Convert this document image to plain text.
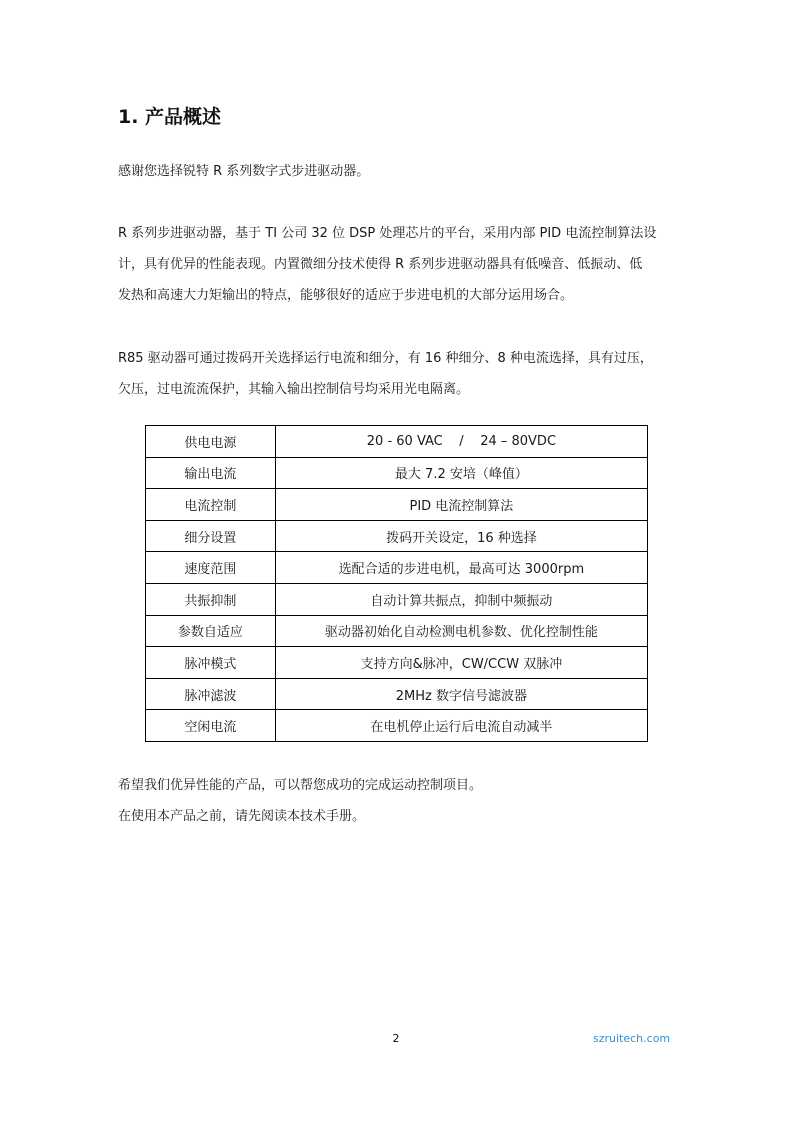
1. 产品概述
感谢您选择锐特 R 系列数字式步进驱动器。
R 系列步进驱动器，基于 TI 公司 32 位 DSP 处理芯片的平台，采用内部 PID 电流控制算法设
计，具有优异的性能表现。内置微细分技术使得 R 系列步进驱动器具有低噪音、低振动、低
发热和高速大力矩输出的特点，能够很好的适应于步进电机的大部分运用场合。
R85 驱动器可通过拨码开关选择运行电流和细分，有 16 种细分、8 种电流选择，具有过压，
欠压，过电流流保护，其输入输出控制信号均采用光电隔离。
供电电源	20 - 60 VAC    /    24 – 80VDC
输出电流	最大 7.2 安培（峰值）
电流控制	PID 电流控制算法
细分设置	拨码开关设定，16 种选择
速度范围	选配合适的步进电机，最高可达 3000rpm
共振抑制	自动计算共振点，抑制中频振动
参数自适应	驱动器初始化自动检测电机参数、优化控制性能
脉冲模式	支持方向&脉冲，CW/CCW 双脉冲
脉冲滤波	2MHz 数字信号滤波器
空闲电流	在电机停止运行后电流自动减半
希望我们优异性能的产品，可以帮您成功的完成运动控制项目。
在使用本产品之前，请先阅读本技术手册。
2	szruitech.com
